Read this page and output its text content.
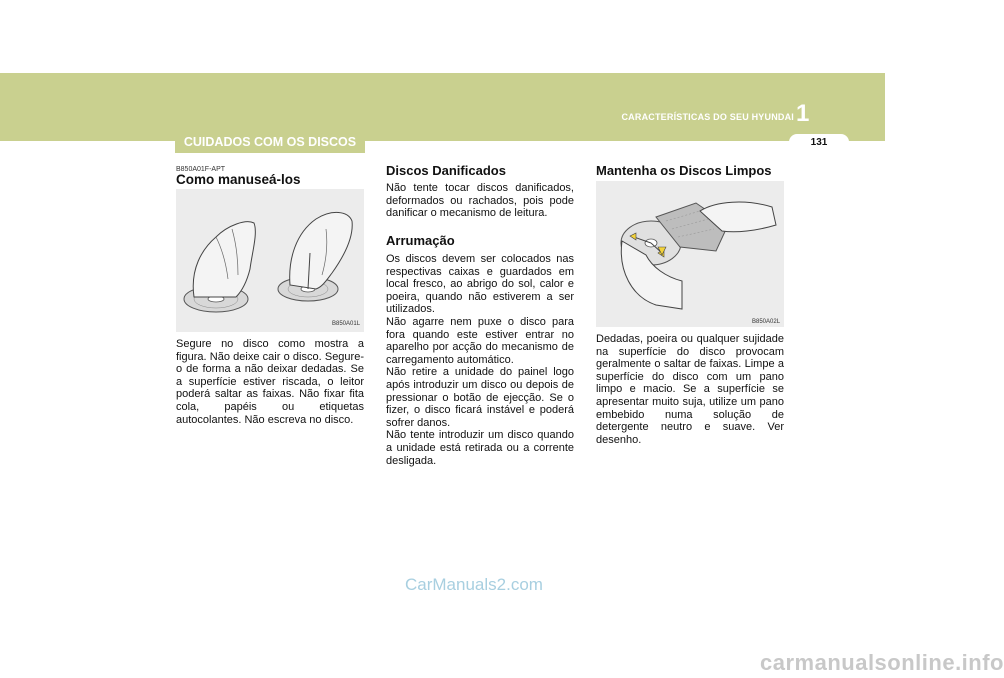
1
CARACTERÍSTICAS DO SEU HYUNDAI
131
CUIDADOS COM OS DISCOS
B850A01F-APT
Como manuseá-los
B850A01L

Segure no disco como mostra a figura. Não deixe cair o disco. Segure-o de forma a não deixar dedadas. Se a superfície estiver riscada, o leitor poderá saltar as faixas. Não fixar fita cola, papéis ou etiquetas autocolantes. Não escreva no disco.

Discos Danificados

Não tente tocar discos danificados, deformados ou rachados, pois pode danificar o mecanismo de leitura.

Arrumação
Os discos devem ser colocados nas respectivas caixas e guardados em local fresco, ao abrigo do sol, calor e poeira, quando não estiverem a ser utilizados.
Não agarre nem puxe o disco para fora quando este estiver entrar no aparelho por acção do mecanismo de carregamento automático.
Não retire a unidade do painel logo após introduzir um disco ou depois de pressionar o botão de ejecção. Se o fizer, o disco ficará instável e poderá sofrer danos.
Não tente introduzir um disco quando a unidade está retirada ou a corrente desligada.
Mantenha os Discos Limpos
B850A02L

Dedadas, poeira ou qualquer sujidade na superfície do disco provocam geralmente o saltar de faixas. Limpe a superfície do disco com um pano limpo e macio. Se a superfície se apresentar muito suja, utilize um pano embebido numa solução de detergente neutro e suave. Ver desenho.

CarManuals2.com
carmanualsonline.info
